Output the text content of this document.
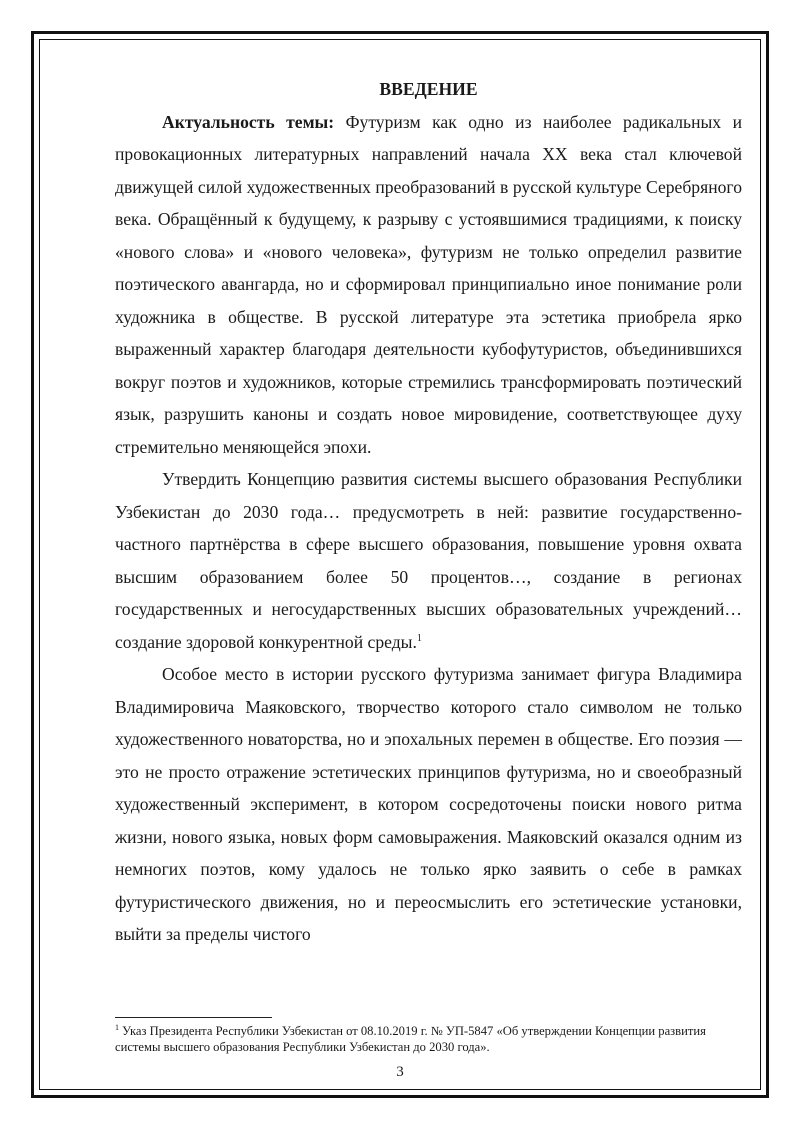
ВВЕДЕНИЕ

Актуальность темы: Футуризм как одно из наиболее радикальных и провокационных литературных направлений начала XX века стал ключевой движущей силой художественных преобразований в русской культуре Серебряного века. Обращённый к будущему, к разрыву с устоявшимися традициями, к поиску «нового слова» и «нового человека», футуризм не только определил развитие поэтического авангарда, но и сформировал принципиально иное понимание роли художника в обществе. В русской литературе эта эстетика приобрела ярко выраженный характер благодаря деятельности кубофутуристов, объединившихся вокруг поэтов и художников, которые стремились трансформировать поэтический язык, разрушить каноны и создать новое мировидение, соответствующее духу стремительно меняющейся эпохи.

Утвердить Концепцию развития системы высшего образования Республики Узбекистан до 2030 года… предусмотреть в ней: развитие государственно-частного партнёрства в сфере высшего образования, повышение уровня охвата высшим образованием более 50 процентов…, создание в регионах государственных и негосударственных высших образовательных учреждений… создание здоровой конкурентной среды.$^1$

Особое место в истории русского футуризма занимает фигура Владимира Владимировича Маяковского, творчество которого стало символом не только художественного новаторства, но и эпохальных перемен в обществе. Его поэзия — это не просто отражение эстетических принципов футуризма, но и своеобразный художественный эксперимент, в котором сосредоточены поиски нового ритма жизни, нового языка, новых форм самовыражения. Маяковский оказался одним из немногих поэтов, кому удалось не только ярко заявить о себе в рамках футуристического движения, но и переосмыслить его эстетические установки, выйти за пределы чистого

$^1$ Указ Президента Республики Узбекистан от 08.10.2019 г. № УП-5847 «Об утверждении Концепции развития системы высшего образования Республики Узбекистан до 2030 года».

3
